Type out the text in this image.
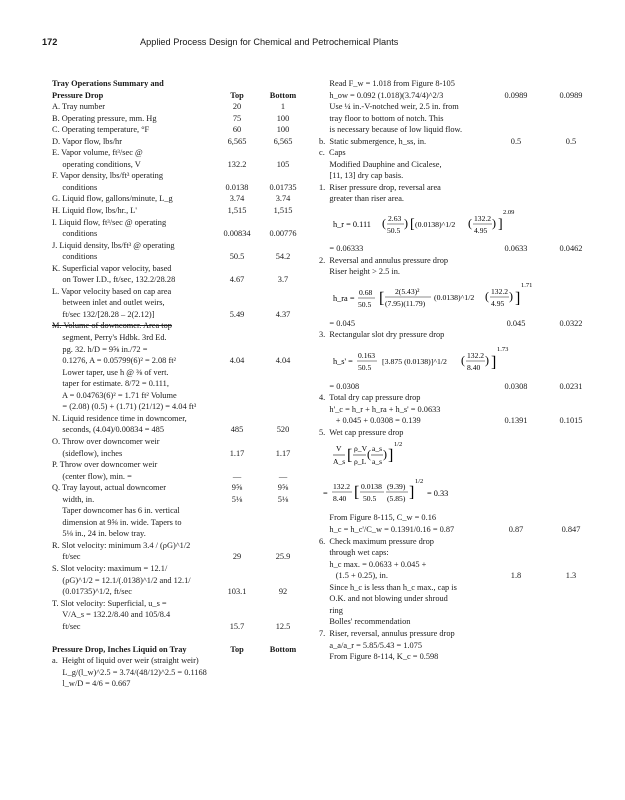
172	Applied Process Design for Chemical and Petrochemical Plants
Tray Operations Summary and
Pressure Drop	Top	Bottom
A. Tray number	20	1
B. Operating pressure, mm. Hg	75	100
C. Operating temperature, °F	60	100
D. Vapor flow, lbs/hr	6,565	6,565
E. Vapor volume, ft³/sec @
operating conditions, V	132.2	105
F. Vapor density, lbs/ft³ operating
conditions	0.0138	0.01735
G. Liquid flow, gallons/minute, L_g	3.74	3.74
H. Liquid flow, lbs/hr., L'	1,515	1,515
I. Liquid flow, ft³/sec @ operating
conditions	0.00834	0.00776
J. Liquid density, lbs/ft³ @ operating
conditions	50.5	54.2
K. Superficial vapor velocity, based
on Tower I.D., ft/sec, 132.2/28.28	4.67	3.7
L. Vapor velocity based on cap area
between inlet and outlet weirs,
ft/sec 132/[28.28 – 2(2.12)]	5.49	4.37
M. Volume of downcomer. Area top
segment, Perry's Hdbk. 3rd Ed.
pg. 32. h/D = 9⅝ in./72 =
0.1276, A = 0.05799(6)² = 2.08 ft²	4.04	4.04
Lower taper, use h @ ⅜ of vert.
taper for estimate. 8/72 = 0.111,
A = 0.04763(6)² = 1.71 ft² Volume
= (2.08) (0.5) + (1.71) (21/12) = 4.04 ft³
N. Liquid residence time in downcomer,
seconds, (4.04)/0.00834 = 485	485	520
O. Throw over downcomer weir
(sideflow), inches	1.17	1.17
P. Throw over downcomer weir
(center flow), min. =	—	—
Q. Tray layout, actual downcomer	9⅝	9⅝
width, in.	5⅛	5⅛
Taper downcomer has 6 in. vertical
dimension at 9⅝ in. wide. Tapers to
5⅛ in., 24 in. below tray.
R. Slot velocity: minimum 3.4 / (ρG)^1/2
ft/sec	29	25.9
S. Slot velocity: maximum = 12.1/
(ρG)^1/2 = 12.1/(.0138)^1/2 and 12.1/
(0.01735)^1/2, ft/sec	103.1	92
T. Slot velocity: Superficial, u_s =
V/A_s = 132.2/8.40 and 105/8.4
ft/sec	15.7	12.5
Pressure Drop, Inches Liquid on Tray	Top	Bottom
a.  Height of liquid over weir (straight weir)
L_g/(l_w)^2.5 = 3.74/(48/12)^2.5 = 0.1168
l_w/D = 4/6 = 0.667
Read F_w = 1.018 from Figure 8-105
h_ow = 0.092 (1.018)(3.74/4)^2/3	0.0989	0.0989
Use ¼ in.-V-notched weir, 2.5 in. from
tray floor to bottom of notch. This
is necessary because of low liquid flow.
b.  Static submergence, h_ss, in.	0.5	0.5
c.  Caps
Modified Dauphine and Cicalese,
[11, 13] dry cap basis.
1.  Riser pressure drop, reversal area
greater than riser area.
h_r = 0.111 ( 2.63
50.5
) [ (0.0138)^1/2 ( 132.2
4.95
) ]
2.09
= 0.06333	0.0633	0.0462
2.  Reversal and annulus pressure drop
Riser height > 2.5 in.
h_ra =
0.68
50.5 [ 2(5.43)²
(7.95)(11.79)
(0.0138)^1/2 ( 132.2
4.95
) ]
1.71
= 0.045	0.045	0.0322
3.  Rectangular slot dry pressure drop
h_s' =
0.163
50.5
[3.875 (0.0138)]^1/2 ( 132.2
8.40
) ]
1.73
= 0.0308	0.0308	0.0231
4.  Total dry cap pressure drop
h'_c = h_r + h_ra + h_s' = 0.0633
+ 0.045 + 0.0308 = 0.139	0.1391	0.1015
5.  Wet cap pressure drop
V
A_s [ ρ_V
ρ_L
( a_s
a_s
) ]
1/2
=
132.2
8.40 [ 0.0138
50.5
(9.39)
(5.85) ]
1/2
= 0.33
From Figure 8-115, C_w = 0.16
h_c = h_c'/C_w = 0.1391/0.16 = 0.87	0.87	0.847
6.  Check maximum pressure drop
through wet caps:
h_c max. = 0.0633 + 0.045 +
(1.5 + 0.25), in.	1.8	1.3
Since h_c is less than h_c max., cap is
O.K. and not blowing under shroud
ring
Bolles' recommendation
7.  Riser, reversal, annulus pressure drop
a_a/a_r = 5.85/5.43 = 1.075
From Figure 8-114, K_c = 0.598
